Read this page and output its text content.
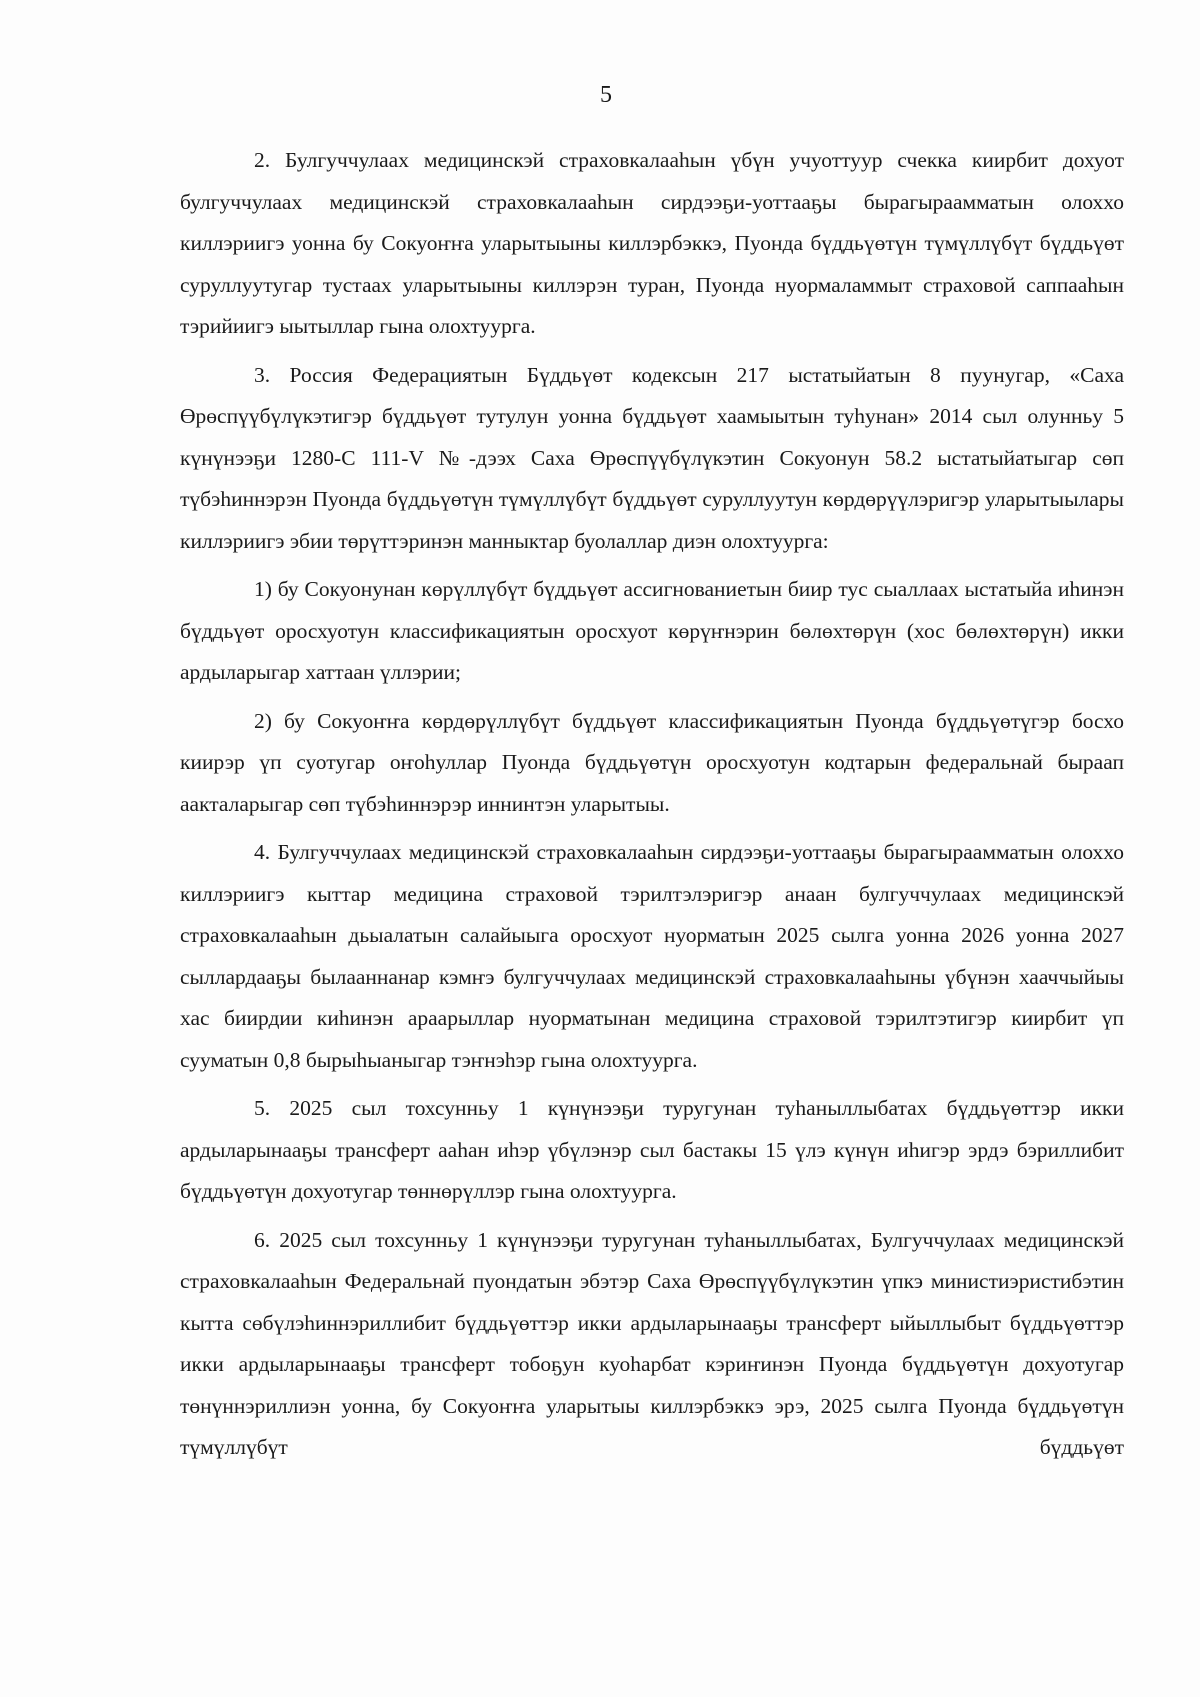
5

2. Булгуччулаах медицинскэй страховкалааһын үбүн учуоттуур счекка киирбит дохуот булгуччулаах медицинскэй страховкалааһын сирдээҕи-уоттааҕы бырагыраамматын олоххо киллэриигэ уонна бу Сокуоҥҥа уларытыыны киллэрбэккэ, Пуонда бүддьүөтүн түмүллүбүт бүддьүөт суруллуутугар тустаах уларытыыны киллэрэн туран, Пуонда нуормаламмыт страховой саппааһын тэрийиигэ ыытыллар гына олохтуурга.

3. Россия Федерациятын Бүддьүөт кодексын 217 ыстатыйатын 8 пуунугар, «Саха Өрөспүүбүлүкэтигэр бүддьүөт тутулун уонна бүддьүөт хаамыытын туһунан» 2014 сыл олунньу 5 күнүнээҕи 1280-С 111-V №-дээх Саха Өрөспүүбүлүкэтин Сокуонун 58.2 ыстатыйатыгар сөп түбэһиннэрэн Пуонда бүддьүөтүн түмүллүбүт бүддьүөт суруллуутун көрдөрүүлэригэр уларытыылары киллэриигэ эбии төрүттэринэн манныктар буолаллар диэн олохтуурга:

1) бу Сокуонунан көрүллүбүт бүддьүөт ассигнованиетын биир тус сыаллаах ыстатыйа иһинэн бүддьүөт оросхуотун классификациятын оросхуот көрүҥнэрин бөлөхтөрүн (хос бөлөхтөрүн) икки ардыларыгар хаттаан үллэрии;

2) бу Сокуоҥҥа көрдөрүллүбүт бүддьүөт классификациятын Пуонда бүддьүөтүгэр босхо киирэр үп суотугар оҥоһуллар Пуонда бүддьүөтүн оросхуотун кодтарын федеральнай быраап аакталарыгар сөп түбэһиннэрэр иннинтэн уларытыы.

4. Булгуччулаах медицинскэй страховкалааһын сирдээҕи-уоттааҕы бырагыраамматын олоххо киллэриигэ кыттар медицина страховой тэрилтэлэригэр анаан булгуччулаах медицинскэй страховкалааһын дьыалатын салайыыга оросхуот нуорматын 2025 сылга уонна 2026 уонна 2027 сыллардааҕы былааннанар кэмҥэ булгуччулаах медицинскэй страховкалааһыны үбүнэн хааччыйыы хас биирдии киһинэн араарыллар нуорматынан медицина страховой тэрилтэтигэр киирбит үп сууматын 0,8 бырыһыаныгар тэҥнэһэр гына олохтуурга.

5. 2025 сыл тохсунньу 1 күнүнээҕи туругунан туһаныллыбатах бүддьүөттэр икки ардыларынааҕы трансферт ааһан иһэр үбүлэнэр сыл бастакы 15 үлэ күнүн иһигэр эрдэ бэриллибит бүддьүөтүн дохуотугар төннөрүллэр гына олохтуурга.

6. 2025 сыл тохсунньу 1 күнүнээҕи туругунан туһаныллыбатах, Булгуччулаах медицинскэй страховкалааһын Федеральнай пуондатын эбэтэр Саха Өрөспүүбүлүкэтин үпкэ министиэристибэтин кытта сөбүлэһиннэриллибит бүддьүөттэр икки ардыларынааҕы трансферт ыйыллыбыт бүддьүөттэр икки ардыларынааҕы трансферт тобоҕун куоһарбат кэриҥинэн Пуонда бүддьүөтүн дохуотугар төнүннэриллиэн уонна, бу Сокуоҥҥа уларытыы киллэрбэккэ эрэ, 2025 сылга Пуонда бүддьүөтүн түмүллүбүт бүддьүөт
